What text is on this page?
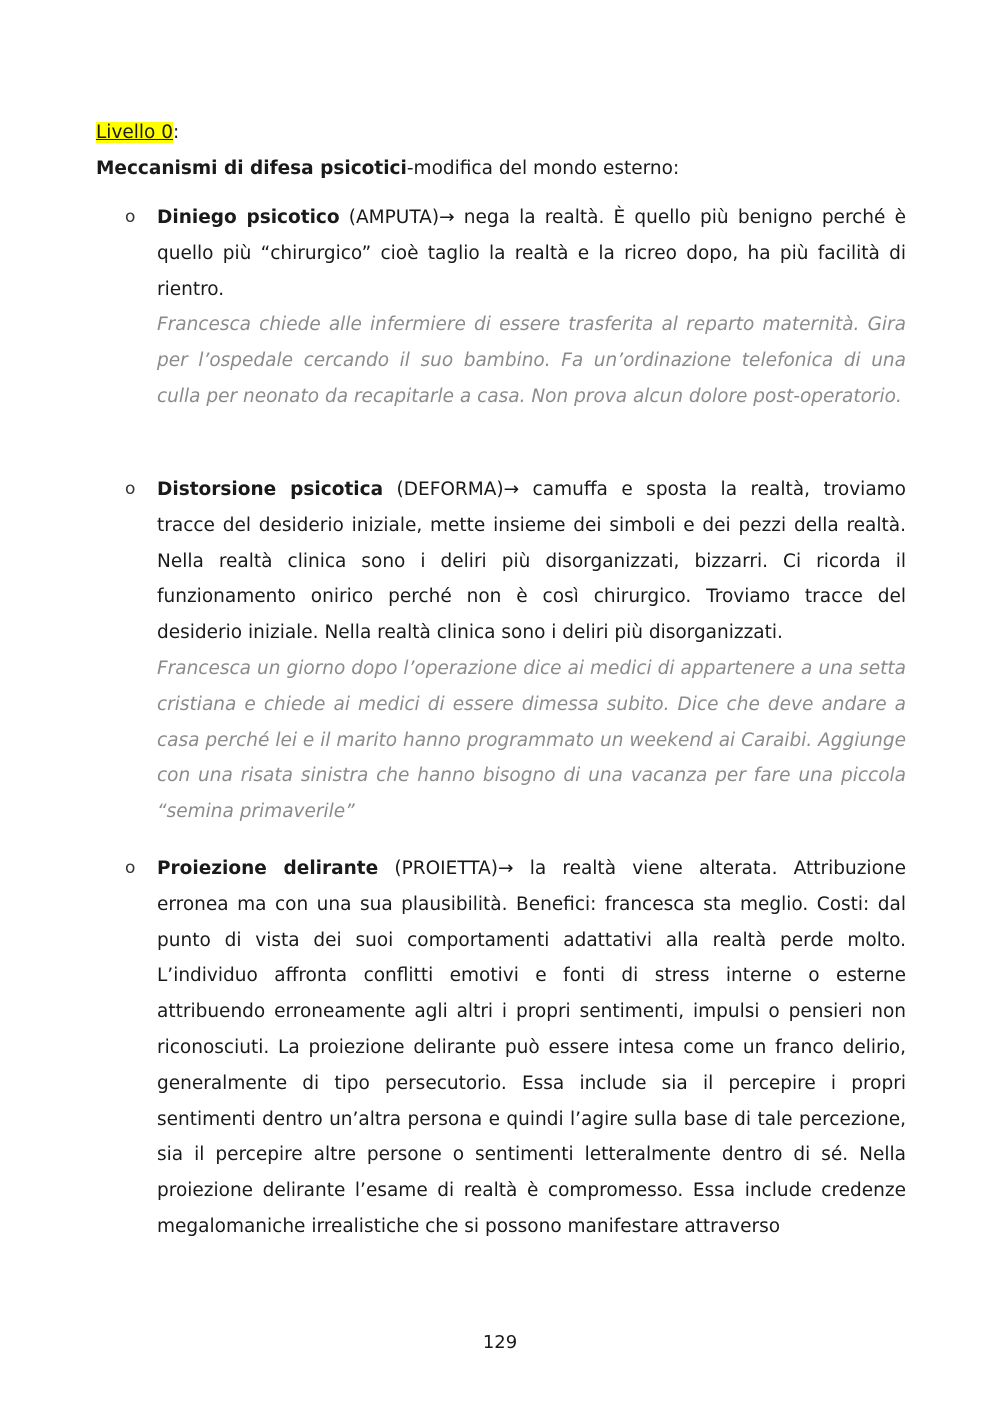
Livello 0:
Meccanismi di difesa psicotici-modifica del mondo esterno:
o Diniego psicotico (AMPUTA)→ nega la realtà. È quello più benigno perché è quello più “chirurgico” cioè taglio la realtà e la ricreo dopo, ha più facilità di rientro.

Francesca chiede alle infermiere di essere trasferita al reparto maternità. Gira per l’ospedale cercando il suo bambino. Fa un’ordinazione telefonica di una culla per neonato da recapitarle a casa. Non prova alcun dolore post-operatorio.

o Distorsione psicotica (DEFORMA)→ camuffa e sposta la realtà, troviamo tracce del desiderio iniziale, mette insieme dei simboli e dei pezzi della realtà. Nella realtà clinica sono i deliri più disorganizzati, bizzarri. Ci ricorda il funzionamento onirico perché non è così chirurgico. Troviamo tracce del desiderio iniziale. Nella realtà clinica sono i deliri più disorganizzati.

Francesca un giorno dopo l’operazione dice ai medici di appartenere a una setta cristiana e chiede ai medici di essere dimessa subito. Dice che deve andare a casa perché lei e il marito hanno programmato un weekend ai Caraibi. Aggiunge con una risata sinistra che hanno bisogno di una vacanza per fare una piccola “semina primaverile”

o Proiezione delirante (PROIETTA)→ la realtà viene alterata. Attribuzione erronea ma con una sua plausibilità. Benefici: francesca sta meglio. Costi: dal punto di vista dei suoi comportamenti adattativi alla realtà perde molto. L’individuo affronta conflitti emotivi e fonti di stress interne o esterne attribuendo erroneamente agli altri i propri sentimenti, impulsi o pensieri non riconosciuti. La proiezione delirante può essere intesa come un franco delirio, generalmente di tipo persecutorio. Essa include sia il percepire i propri sentimenti dentro un’altra persona e quindi l’agire sulla base di tale percezione, sia il percepire altre persone o sentimenti letteralmente dentro di sé. Nella proiezione delirante l’esame di realtà è compromesso. Essa include credenze megalomaniche irrealistiche che si possono manifestare attraverso

129
